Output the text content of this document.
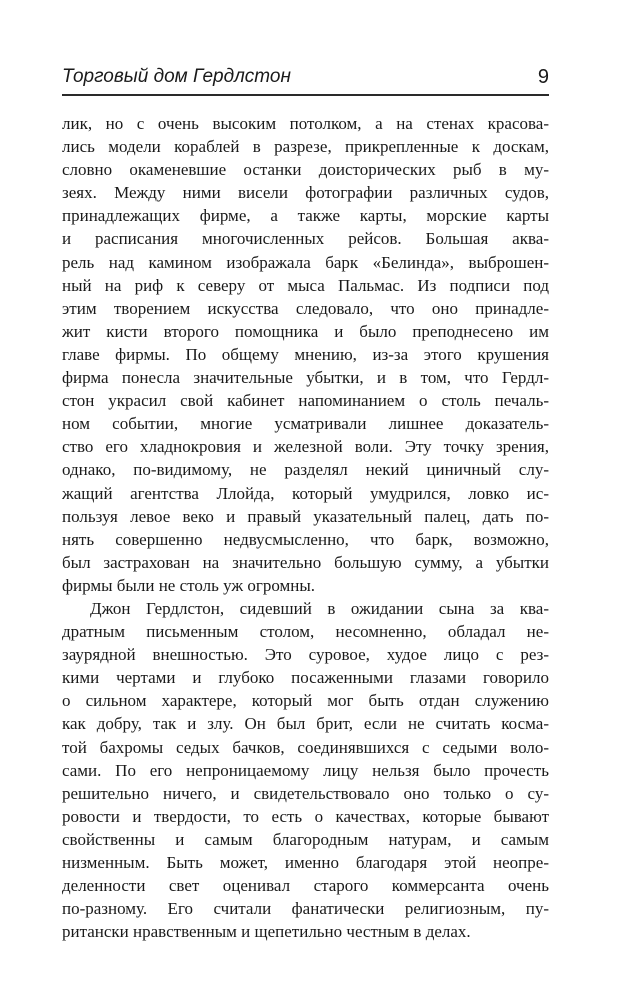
Торговый дом Гердлстон	9
лик, но с очень высоким потолком, а на стенах красова-
лись модели кораблей в разрезе, прикрепленные к доскам,
словно окаменевшие останки доисторических рыб в му-
зеях. Между ними висели фотографии различных судов,
принадлежащих фирме, а также карты, морские карты
и расписания многочисленных рейсов. Большая аква-
рель над камином изображала барк «Белинда», выброшен-
ный на риф к северу от мыса Пальмас. Из подписи под
этим творением искусства следовало, что оно принадле-
жит кисти второго помощника и было преподнесено им
главе фирмы. По общему мнению, из-за этого крушения
фирма понесла значительные убытки, и в том, что Гердл-
стон украсил свой кабинет напоминанием о столь печаль-
ном событии, многие усматривали лишнее доказатель-
ство его хладнокровия и железной воли. Эту точку зрения,
однако, по-видимому, не разделял некий циничный слу-
жащий агентства Ллойда, который умудрился, ловко ис-
пользуя левое веко и правый указательный палец, дать по-
нять совершенно недвусмысленно, что барк, возможно,
был застрахован на значительно большую сумму, а убытки
фирмы были не столь уж огромны.
Джон Гердлстон, сидевший в ожидании сына за ква-
дратным письменным столом, несомненно, обладал не-
заурядной внешностью. Это суровое, худое лицо с рез-
кими чертами и глубоко посаженными глазами говорило
о сильном характере, который мог быть отдан служению
как добру, так и злу. Он был брит, если не считать косма-
той бахромы седых бачков, соединявшихся с седыми воло-
сами. По его непроницаемому лицу нельзя было прочесть
решительно ничего, и свидетельствовало оно только о су-
ровости и твердости, то есть о качествах, которые бывают
свойственны и самым благородным натурам, и самым
низменным. Быть может, именно благодаря этой неопре-
деленности свет оценивал старого коммерсанта очень
по-разному. Его считали фанатически религиозным, пу-
ритански нравственным и щепетильно честным в делах.
